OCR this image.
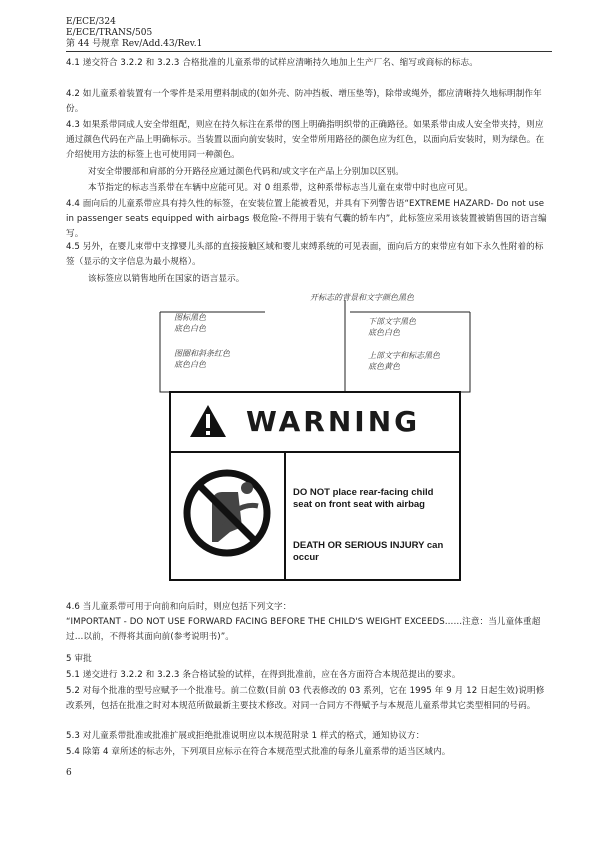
E/ECE/324
E/ECE/TRANS/505
第 44 号规章 Rev/Add.43/Rev.1
4.1 递交符合 3.2.2 和 3.2.3 合格批准的儿童系带的试样应清晰持久地加上生产厂名、缩写或商标的标志。
4.2 如儿童系着装置有一个零件是采用塑料制成的(如外壳、防冲挡板、增压垫等)，除带或绳外，都应清晰持久地标明制作年份。
4.3 如果系带同成人安全带组配，则应在持久标注在系带的图上明确指明织带的正确路径。如果系带由成人安全带夹持，则应通过颜色代码在产品上明确标示。当装置以面向前安装时，安全带所用路径的颜色应为红色，以面向后安装时，则为绿色。在介绍使用方法的标签上也可使用同一种颜色。
对安全带腰部和肩部的分开路径应通过颜色代码和/或文字在产品上分别加以区别。
本节指定的标志当系带在车辆中应能可见。对 0 组系带，这种系带标志当儿童在束带中时也应可见。
4.4 面向后的儿童系带应具有持久性的标签，在安装位置上能被看见，并具有下列警告语“EXTREME HAZARD- Do not use in passenger seats equipped with airbags 极危险-不得用于装有气囊的轿车内”，此标签应采用该装置被销售国的语言编写。
4.5 另外，在婴儿束带中支撑婴儿头部的直接接触区域和婴儿束缚系统的可见表面，面向后方的束带应有如下永久性附着的标签（显示的文字信息为最小规格）。
该标签应以销售地所在国家的语言显示。
开标志的背景和文字颜色黑色
图标黑色
底色白色
图圈和斜条红色
底色白色
下部文字黑色
底色白色
上部文字和标志黑色
底色黄色
WARNING
DO NOT place rear-facing child seat on front seat with airbag
DEATH OR SERIOUS INJURY can occur
4.6 当儿童系带可用于向前和向后时，则应包括下列文字：
“IMPORTANT - DO NOT USE FORWARD FACING BEFORE THE CHILD'S WEIGHT EXCEEDS……注意：当儿童体重超过…以前，不得将其面向前(参考说明书)”。
5 审批
5.1 递交进行 3.2.2 和 3.2.3 条合格试验的试样，在得到批准前，应在各方面符合本规范提出的要求。
5.2 对每个批准的型号应赋予一个批准号。前二位数(目前 03 代表修改的 03 系列，它在 1995 年 9 月 12 日起生效)说明修改系列，包括在批准之时对本规范所做最新主要技术修改。对同一合同方不得赋予与本规范儿童系带其它类型相同的号码。
5.3 对儿童系带批准或批准扩展或拒绝批准说明应以本规范附录 1 样式的格式，通知协议方：
5.4 除第 4 章所述的标志外，下列项目应标示在符合本规范型式批准的每条儿童系带的适当区域内。
6
